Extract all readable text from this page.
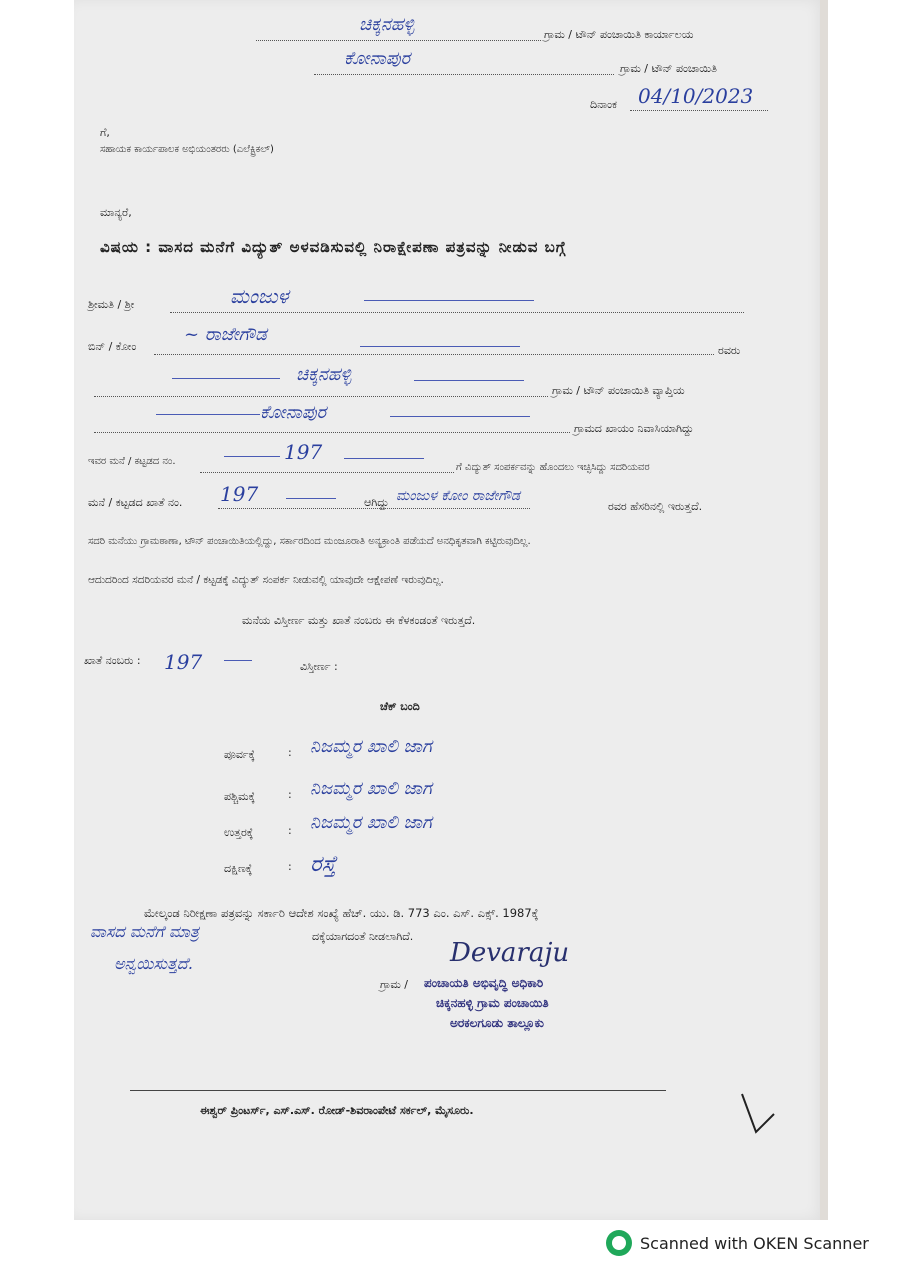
ಚಿಕ್ಕನಹಳ್ಳಿ	ಗ್ರಾಮ / ಟೌನ್ ಪಂಚಾಯಿತಿ ಕಾರ್ಯಾಲಯ
ಕೋನಾಪುರ	ಗ್ರಾಮ / ಟೌನ್ ಪಂಚಾಯಿತಿ
ದಿನಾಂಕ 04/10/2023
ಗೆ,
ಸಹಾಯಕ ಕಾರ್ಯಪಾಲಕ ಅಭಿಯಂತರರು (ಎಲೆಕ್ಟ್ರಿಕಲ್)
ಮಾನ್ಯರೆ,
ವಿಷಯ : ವಾಸದ ಮನೆಗೆ ವಿದ್ಯುತ್ ಅಳವಡಿಸುವಲ್ಲಿ ನಿರಾಕ್ಷೇಪಣಾ ಪತ್ರವನ್ನು ನೀಡುವ ಬಗ್ಗೆ
ಶ್ರೀಮತಿ / ಶ್ರೀ	ಮಂಜುಳ
ಬಿನ್ / ಕೋಂ
~ ರಾಜೇಗೌಡ
ರವರು
ಚಿಕ್ಕನಹಳ್ಳಿ
ಗ್ರಾಮ / ಟೌನ್ ಪಂಚಾಯಿತಿ ವ್ಯಾಪ್ತಿಯ
ಕೋನಾಪುರ
ಗ್ರಾಮದ ಖಾಯಂ ನಿವಾಸಿಯಾಗಿದ್ದು
ಇವರ ಮನೆ / ಕಟ್ಟಡದ ನಂ.	197
ಗೆ ವಿದ್ಯುತ್ ಸಂಪರ್ಕವನ್ನು ಹೊಂದಲು ಇಚ್ಛಿಸಿದ್ದು ಸದರಿಯವರ
ಮನೆ / ಕಟ್ಟಡದ ಖಾತೆ ನಂ. 197	ಆಗಿದ್ದು ಮಂಜುಳ ಕೋಂ ರಾಜೇಗೌಡ
ರವರ ಹೆಸರಿನಲ್ಲಿ ಇರುತ್ತದೆ.
ಸದರಿ ಮನೆಯು ಗ್ರಾಮಠಾಣಾ, ಟೌನ್ ಪಂಚಾಯಿತಿಯಲ್ಲಿದ್ದು, ಸರ್ಕಾರದಿಂದ ಮಂಜೂರಾತಿ ಅನ್ಯಕ್ರಾಂತಿ ಪಡೆಯದೆ ಅನಧಿಕೃತವಾಗಿ ಕಟ್ಟಿರುವುದಿಲ್ಲ.
ಆದುದರಿಂದ ಸದರಿಯವರ ಮನೆ / ಕಟ್ಟಡಕ್ಕೆ ವಿದ್ಯುತ್ ಸಂಪರ್ಕ ನೀಡುವಲ್ಲಿ ಯಾವುದೇ ಆಕ್ಷೇಪಣೆ ಇರುವುದಿಲ್ಲ.
ಮನೆಯ ವಿಸ್ತೀರ್ಣ ಮತ್ತು ಖಾತೆ ನಂಬರು ಈ ಕೆಳಕಂಡಂತೆ ಇರುತ್ತದೆ.
ಖಾತೆ ನಂಬರು : 197	ವಿಸ್ತೀರ್ಣ :
ಚೆಕ್ ಬಂದಿ
ಪೂರ್ವಕ್ಕೆ	: ನಿಜಮ್ಮರ ಖಾಲಿ ಜಾಗ
ಪಶ್ಚಿಮಕ್ಕೆ	: ನಿಜಮ್ಮರ ಖಾಲಿ ಜಾಗ
ಉತ್ತರಕ್ಕೆ	: ನಿಜಮ್ಮರ ಖಾಲಿ ಜಾಗ
ದಕ್ಷಿಣಕ್ಕೆ	: ರಸ್ತೆ
ಮೇಲ್ಕಂಡ ನಿರೀಕ್ಷಣಾ ಪತ್ರವನ್ನು ಸರ್ಕಾರಿ ಆದೇಶ ಸಂಖ್ಯೆ ಹೆಚ್. ಯು. ಡಿ. 773 ಎಂ. ಎಸ್. ಎಕ್ಸ್. 1987ಕ್ಕೆ
ದಕ್ಕೆಯಾಗದಂತೆ ನೀಡಲಾಗಿದೆ.
ವಾಸದ ಮನೆಗೆ ಮಾತ್ರ
ಅನ್ವಯಿಸುತ್ತದೆ.	Devaraju
ಗ್ರಾಮ / ಪಂಚಾಯತಿ ಅಭಿವೃದ್ಧಿ ಅಧಿಕಾರಿ
ಚಿಕ್ಕನಹಳ್ಳಿ ಗ್ರಾಮ ಪಂಚಾಯಿತಿ
ಅರಕಲಗೂಡು ತಾಲ್ಲೂಕು
ಈಶ್ವರ್ ಪ್ರಿಂಟರ್ಸ್, ಎಸ್.ಎಸ್. ರೋಡ್-ಶಿವರಾಂಪೇಟೆ ಸರ್ಕಲ್, ಮೈಸೂರು.
Scanned with OKEN Scanner
